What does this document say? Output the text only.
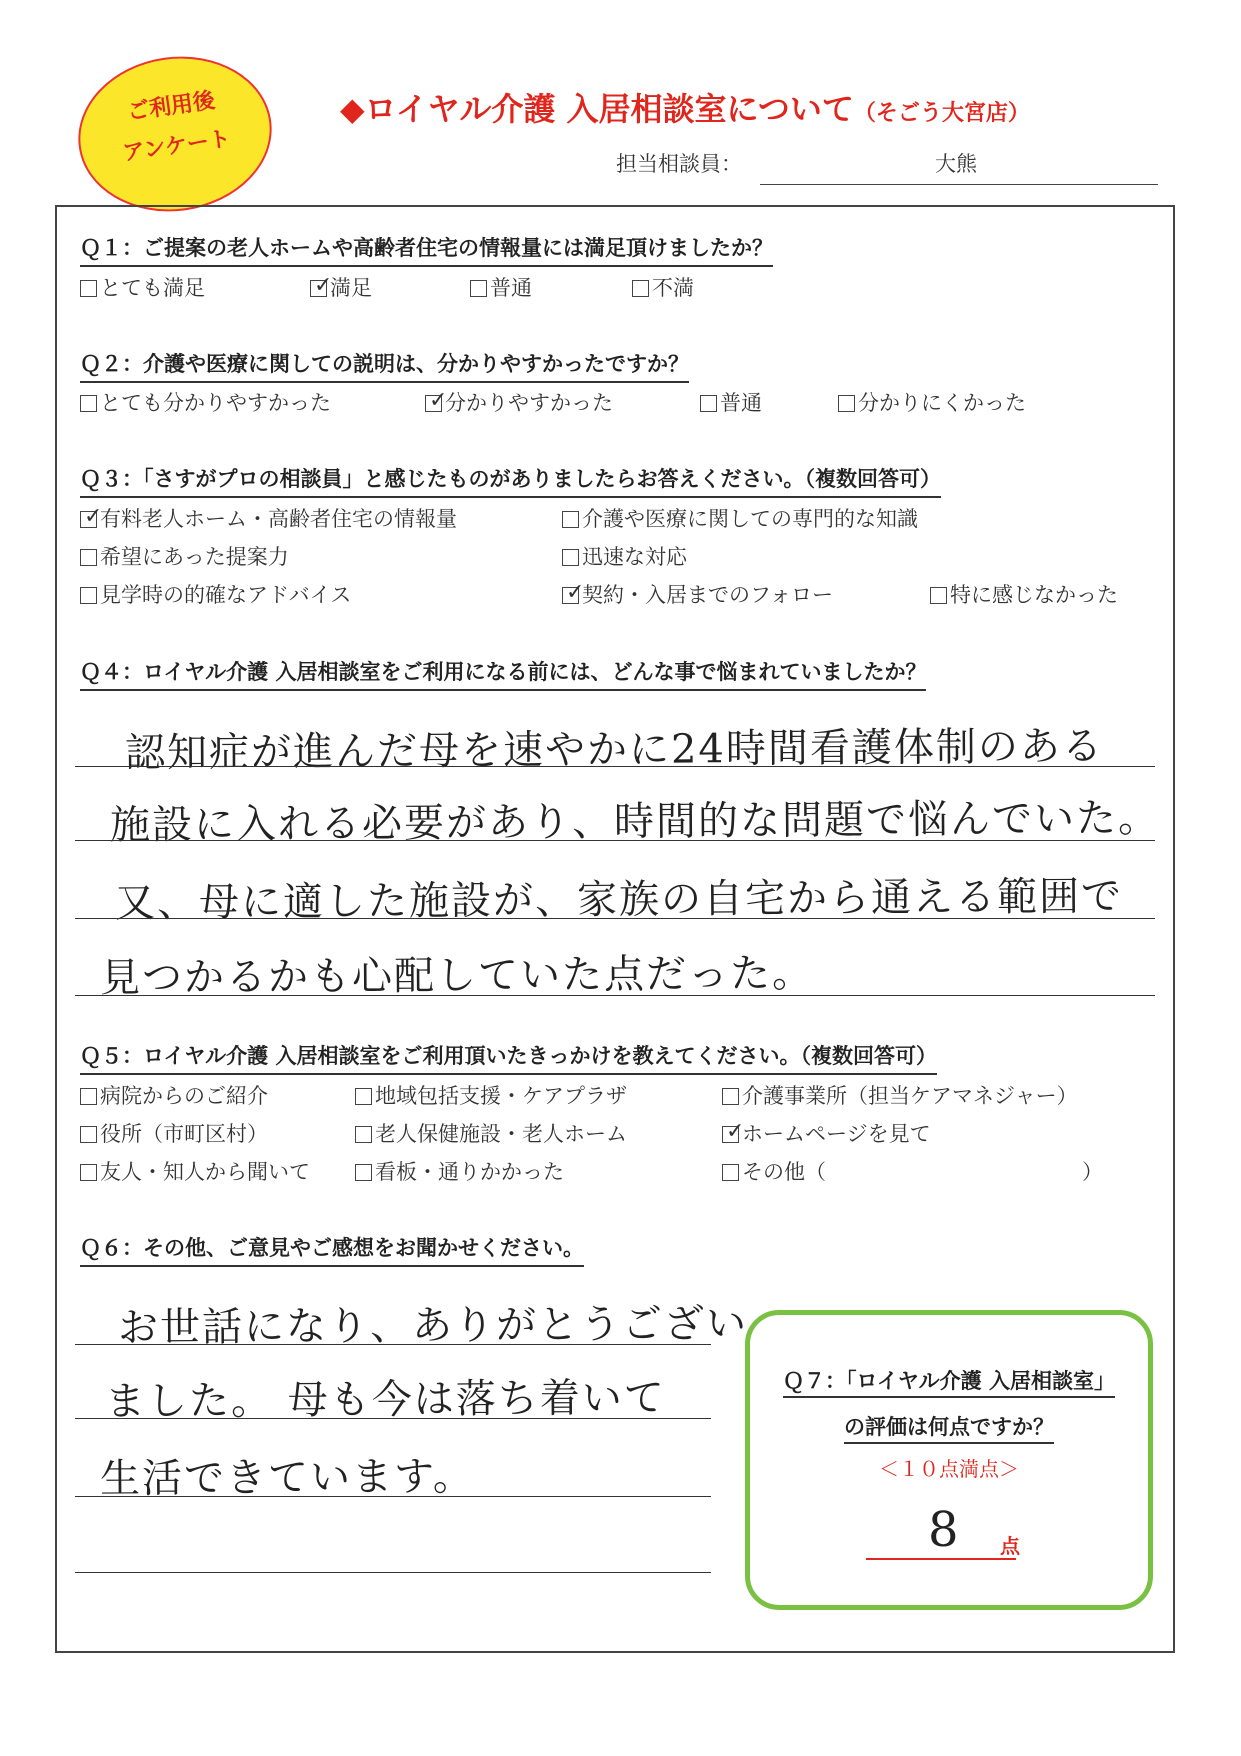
ご利用後
アンケート
◆ロイヤル介護 入居相談室について（そごう大宮店）
担当相談員：	大熊
Ｑ１：ご提案の老人ホームや高齢者住宅の情報量には満足頂けましたか？
とても満足	✓満足	普通	不満
Ｑ２：介護や医療に関しての説明は、分かりやすかったですか？
とても分かりやすかった	✓分かりやすかった	普通	分かりにくかった
Ｑ３：「さすがプロの相談員」と感じたものがありましたらお答えください。（複数回答可）
✓有料老人ホーム・高齢者住宅の情報量	介護や医療に関しての専門的な知識
希望にあった提案力	迅速な対応
見学時の的確なアドバイス	✓契約・入居までのフォロー	特に感じなかった
Ｑ４：ロイヤル介護 入居相談室をご利用になる前には、どんな事で悩まれていましたか？
認知症が進んだ母を速やかに24時間看護体制のある
施設に入れる必要があり、時間的な問題で悩んでいた。
又、母に適した施設が、家族の自宅から通える範囲で
見つかるかも心配していた点だった。
Ｑ５：ロイヤル介護 入居相談室をご利用頂いたきっかけを教えてください。（複数回答可）
病院からのご紹介	地域包括支援・ケアプラザ	介護事業所（担当ケアマネジャー）
役所（市町区村）	老人保健施設・老人ホーム	✓ホームページを見て
友人・知人から聞いて	看板・通りかかった	その他（	）
Ｑ６：その他、ご意見やご感想をお聞かせください。
お世話になり、ありがとうござい
ました。 母も今は落ち着いて
生活できています。
Ｑ７：「ロイヤル介護 入居相談室」
の評価は何点ですか？
＜１０点満点＞
8 点
